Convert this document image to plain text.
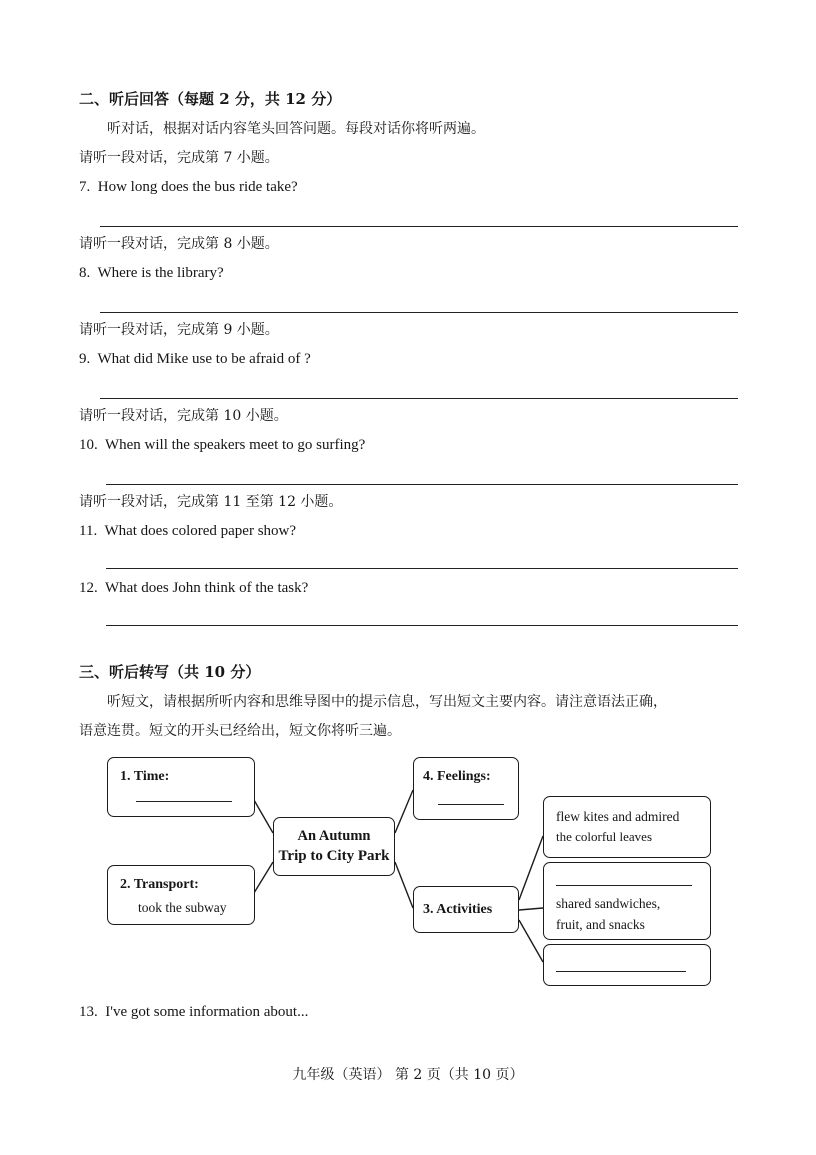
二、听后回答（每题 2 分，共 12 分）
听对话，根据对话内容笔头回答问题。每段对话你将听两遍。
请听一段对话，完成第 7 小题。
7. How long does the bus ride take?
请听一段对话，完成第 8 小题。
8. Where is the library?
请听一段对话，完成第 9 小题。
9. What did Mike use to be afraid of ?
请听一段对话，完成第 10 小题。
10. When will the speakers meet to go surfing?
请听一段对话，完成第 11 至第 12 小题。
11. What does colored paper show?
12. What does John think of the task?
三、听后转写（共 10 分）
听短文，请根据所听内容和思维导图中的提示信息，写出短文主要内容。请注意语法正确，
语意连贯。短文的开头已经给出，短文你将听三遍。
1. Time:
2. Transport:
took the subway
An Autumn
Trip to City Park
4. Feelings:
3. Activities
flew kites and admired
the colorful leaves
shared sandwiches,
fruit, and snacks
13. I've got some information about...
九年级（英语） 第 2 页（共 10 页）
